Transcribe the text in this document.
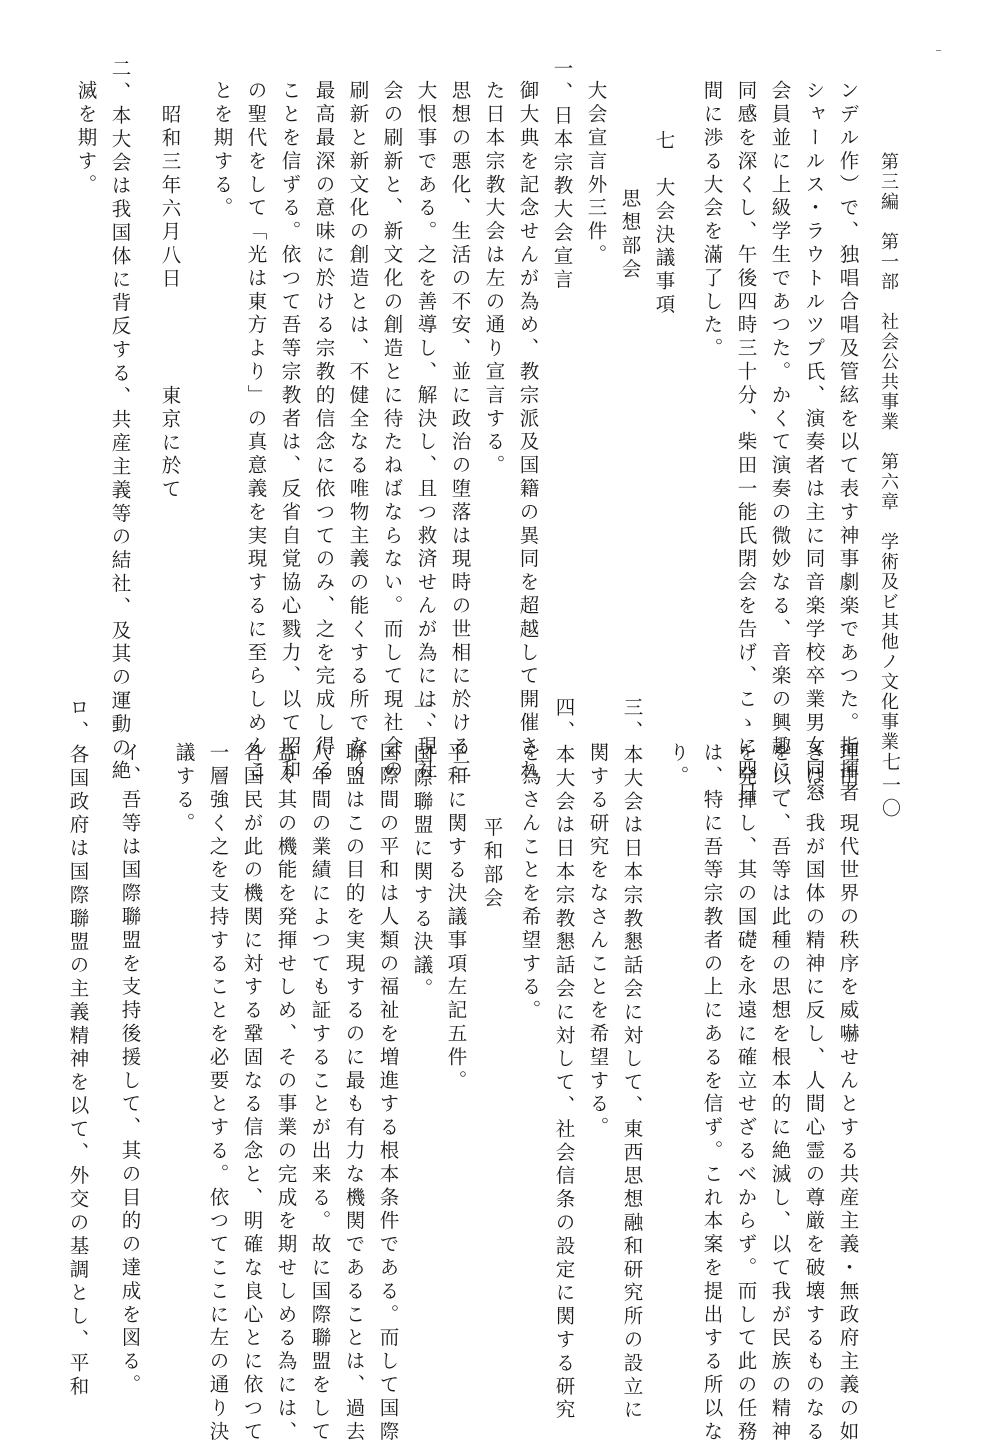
第三編　第一部　社会公共事業　第六章　学術及ビ其他ノ文化事業
七一〇
ンデル作）で、独唱合唱及管絃を以て表す神事劇楽であつた。指揮者
シャールス・ラウトルツプ氏、演奏者は主に同音楽学校卒業男女同窓
会員並に上級学生であつた。かくて演奏の微妙なる、音楽の興趣に一
同感を深くし、午後四時三十分、柴田一能氏閉会を告げ、こゝに四日
間に渉る大会を滿了した。
七　大会決議事項
思想部会
大会宣言外三件。
一、日本宗教大会宣言
御大典を記念せんが為め、教宗派及国籍の異同を超越して開催され
た日本宗教大会は左の通り宣言する。
思想の悪化、生活の不安、並に政治の堕落は現時の世相に於ける三
大恨事である。之を善導し、解決し、且つ救済せんが為には、現社
会の刷新と、新文化の創造とに待たねばならない。而して現社会の
刷新と新文化の創造とは、不健全なる唯物主義の能くする所でなく
最高最深の意味に於ける宗教的信念に依つてのみ、之を完成し得る
ことを信ずる。依つて吾等宗教者は、反省自覚協心戮力、以て昭和
の聖代をして「光は東方より」の真意義を実現するに至らしめんこ
とを期する。
昭和三年六月八日　　　　東京に於て
二、本大会は我国体に背反する、共産主義等の結社、及其の運動の絶
滅を期す。
理由　現代世界の秩序を威嚇せんとする共産主義・無政府主義の如
きは、我が国体の精神に反し、人間心霊の尊厳を破壊するものなる
を以て、吾等は此種の思想を根本的に絶滅し、以て我が民族の精神
を発揮し、其の国礎を永遠に確立せざるべからず。而して此の任務
は、特に吾等宗教者の上にあるを信ず。これ本案を提出する所以な
り。
三、本大会は日本宗教懇話会に対して、東西思想融和研究所の設立に
関する研究をなさんことを希望する。
四、本大会は日本宗教懇話会に対して、社会信条の設定に関する研究
を為さんことを希望する。
平和部会
平和に関する決議事項左記五件。
一、国際聯盟に関する決議。
国際間の平和は人類の福祉を増進する根本条件である。而して国際
聯盟はこの目的を実現するのに最も有力な機関であることは、過去
八年間の業績によつても証することが出来る。故に国際聯盟をして
益々其の機能を発揮せしめ、その事業の完成を期せしめる為には、
各国民が此の機関に対する鞏固なる信念と、明確な良心とに依つて
一層強く之を支持することを必要とする。依つてここに左の通り決
議する。
イ、吾等は国際聯盟を支持後援して、其の目的の達成を図る。
ロ、各国政府は国際聯盟の主義精神を以て、外交の基調とし、平和
